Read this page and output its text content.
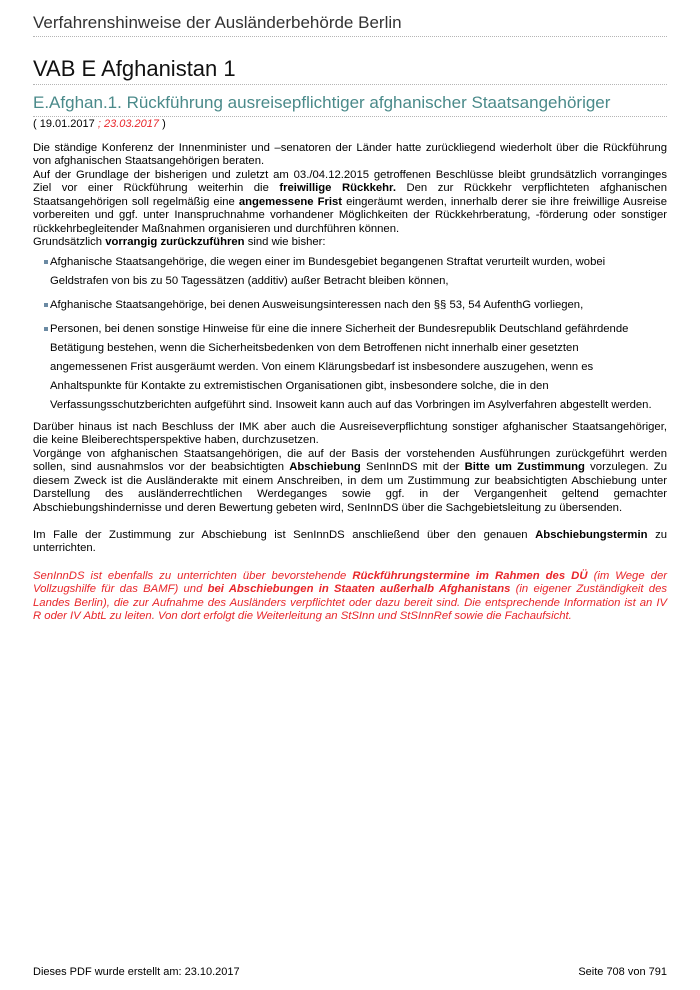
Verfahrenshinweise der Ausländerbehörde Berlin
VAB E Afghanistan 1
E.Afghan.1. Rückführung ausreisepflichtiger afghanischer Staatsangehöriger
( 19.01.2017 ; 23.03.2017 )
Die ständige Konferenz der Innenminister und –senatoren der Länder hatte zurückliegend wiederholt über die Rückführung
von afghanischen Staatsangehörigen beraten.
Auf der Grundlage der bisherigen und zuletzt am 03./04.12.2015 getroffenen Beschlüsse bleibt grundsätzlich vorranginges
Ziel vor einer Rückführung weiterhin die freiwillige Rückkehr. Den zur Rückkehr verpflichteten afghanischen
Staatsangehörigen soll regelmäßig eine angemessene Frist eingeräumt werden, innerhalb derer sie ihre freiwillige Ausreise
vorbereiten und ggf. unter Inanspruchnahme vorhandener Möglichkeiten der Rückkehrberatung, -förderung oder sonstiger
rückkehrbegleitender Maßnahmen organisieren und durchführen können.
Grundsätzlich vorrangig zurückzuführen sind wie bisher:
Afghanische Staatsangehörige, die wegen einer im Bundesgebiet begangenen Straftat verurteilt wurden, wobei
Geldstrafen von bis zu 50 Tagessätzen (additiv) außer Betracht bleiben können,
Afghanische Staatsangehörige, bei denen Ausweisungsinteressen nach den §§ 53, 54 AufenthG vorliegen,
Personen, bei denen sonstige Hinweise für eine die innere Sicherheit der Bundesrepublik Deutschland gefährdende
Betätigung bestehen, wenn die Sicherheitsbedenken von dem Betroffenen nicht innerhalb einer gesetzten
angemessenen Frist ausgeräumt werden. Von einem Klärungsbedarf ist insbesondere auszugehen, wenn es
Anhaltspunkte für Kontakte zu extremistischen Organisationen gibt, insbesondere solche, die in den
Verfassungsschutzberichten aufgeführt sind. Insoweit kann auch auf das Vorbringen im Asylverfahren abgestellt werden.
Darüber hinaus ist nach Beschluss der IMK aber auch die Ausreiseverpflichtung sonstiger afghanischer Staatsangehöriger,
die keine Bleiberechtsperspektive haben, durchzusetzen.
Vorgänge von afghanischen Staatsangehörigen, die auf der Basis der vorstehenden Ausführungen zurückgeführt werden
sollen, sind ausnahmslos vor der beabsichtigten Abschiebung SenInnDS mit der Bitte um Zustimmung vorzulegen. Zu
diesem Zweck ist die Ausländerakte mit einem Anschreiben, in dem um Zustimmung zur beabsichtigten Abschiebung unter
Darstellung des ausländerrechtlichen Werdeganges sowie ggf. in der Vergangenheit geltend gemachter
Abschiebungshindernisse und deren Bewertung gebeten wird, SenInnDS über die Sachgebietsleitung zu übersenden.
Im Falle der Zustimmung zur Abschiebung ist SenInnDS anschließend über den genauen Abschiebungstermin zu
unterrichten.
SenInnDS ist ebenfalls zu unterrichten über bevorstehende Rückführungstermine im Rahmen des DÜ (im Wege der
Vollzugshilfe für das BAMF) und bei Abschiebungen in Staaten außerhalb Afghanistans (in eigener Zuständigkeit des
Landes Berlin), die zur Aufnahme des Ausländers verpflichtet oder dazu bereit sind. Die entsprechende Information ist an IV
R oder IV AbtL zu leiten. Von dort erfolgt die Weiterleitung an StSInn und StSInnRef sowie die Fachaufsicht.
Dieses PDF wurde erstellt am: 23.10.2017	Seite 708 von 791
